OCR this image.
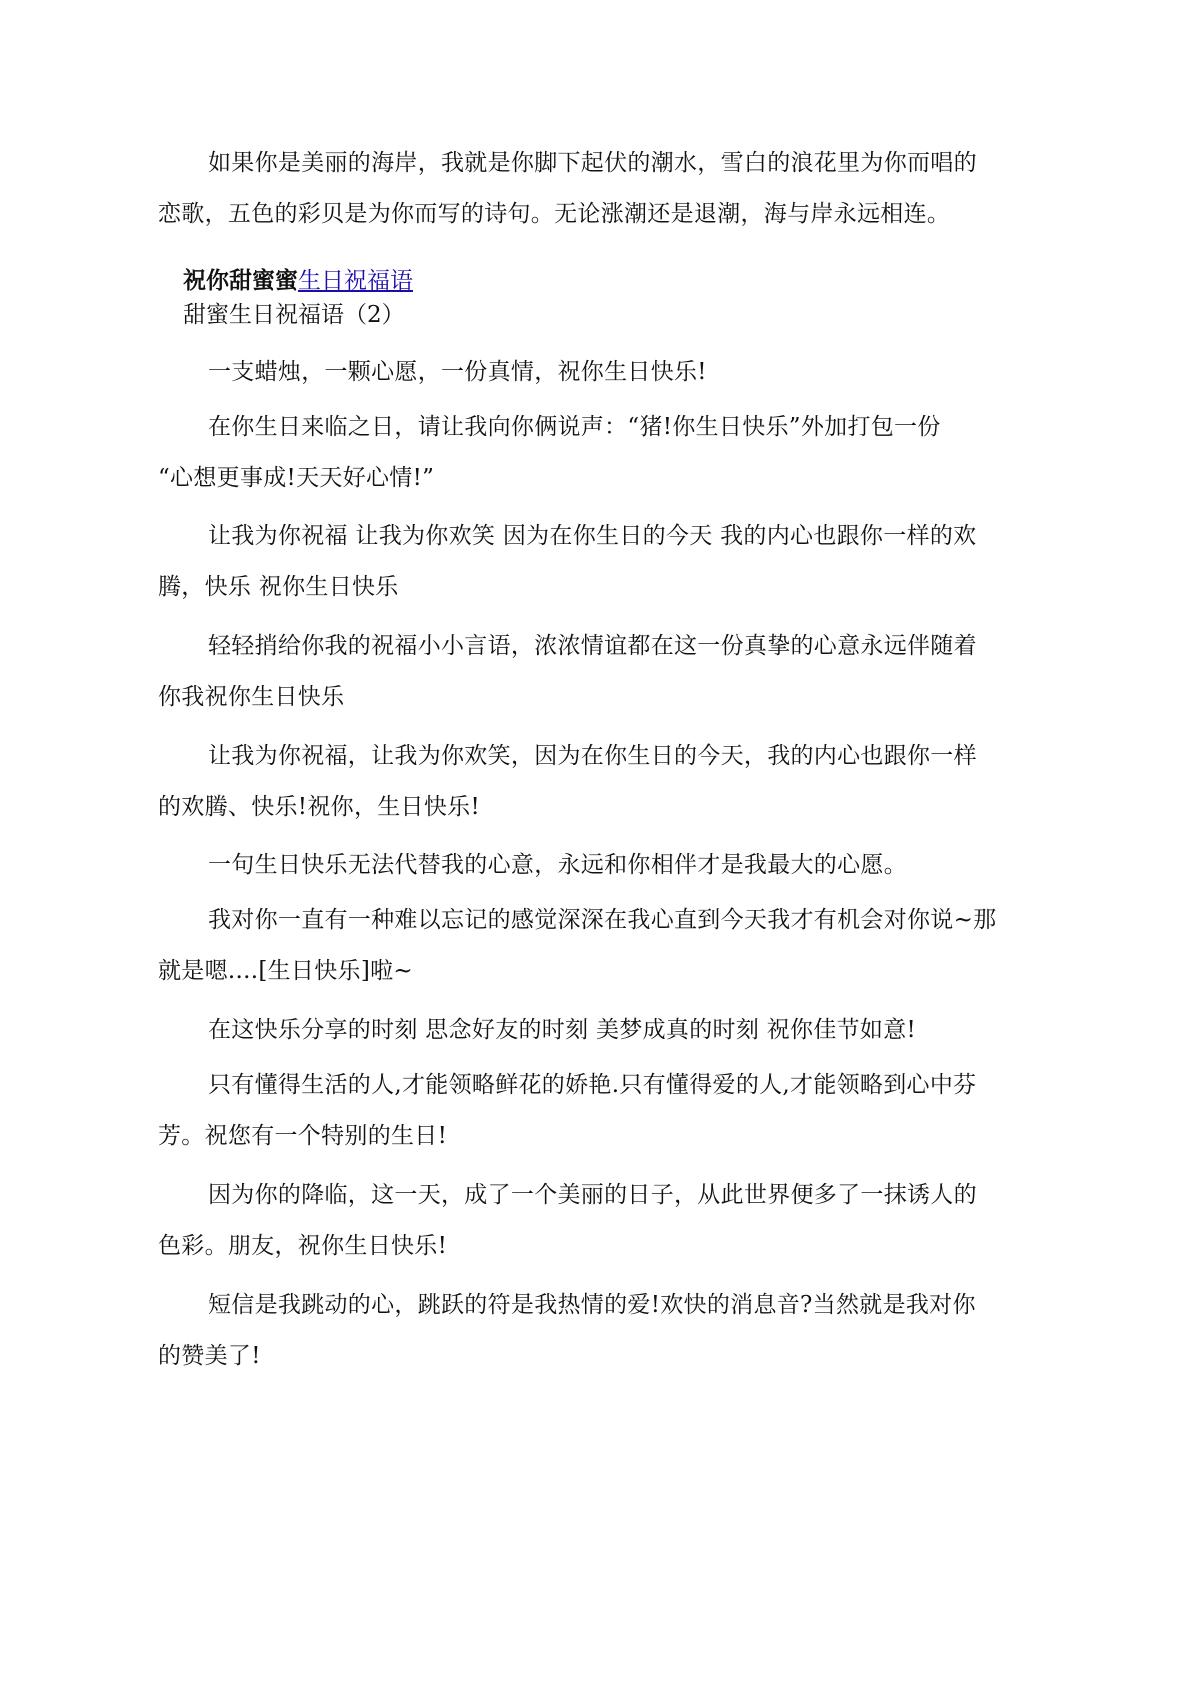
如果你是美丽的海岸，我就是你脚下起伏的潮水，雪白的浪花里为你而唱的
恋歌，五色的彩贝是为你而写的诗句。无论涨潮还是退潮，海与岸永远相连。

祝你甜蜜蜜生日祝福语
甜蜜生日祝福语（2）

一支蜡烛，一颗心愿，一份真情，祝你生日快乐!

在你生日来临之日，请让我向你俩说声：“猪!你生日快乐”外加打包一份
“心想更事成!天天好心情!”

让我为你祝福 让我为你欢笑 因为在你生日的今天 我的内心也跟你一样的欢
腾，快乐 祝你生日快乐

轻轻捎给你我的祝福小小言语，浓浓情谊都在这一份真挚的心意永远伴随着
你我祝你生日快乐

让我为你祝福，让我为你欢笑，因为在你生日的今天，我的内心也跟你一样
的欢腾、快乐!祝你，生日快乐!

一句生日快乐无法代替我的心意，永远和你相伴才是我最大的心愿。

我对你一直有一种难以忘记的感觉深深在我心直到今天我才有机会对你说~那
就是嗯....[生日快乐]啦~

在这快乐分享的时刻 思念好友的时刻 美梦成真的时刻 祝你佳节如意!

只有懂得生活的人,才能领略鲜花的娇艳.只有懂得爱的人,才能领略到心中芬
芳。祝您有一个特别的生日!

因为你的降临，这一天，成了一个美丽的日子，从此世界便多了一抹诱人的
色彩。朋友，祝你生日快乐!

短信是我跳动的心，跳跃的符是我热情的爱!欢快的消息音?当然就是我对你
的赞美了!
